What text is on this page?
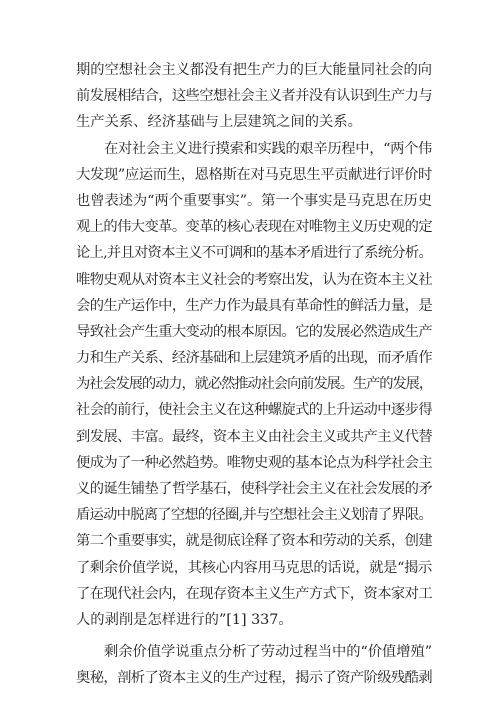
期的空想社会主义都没有把生产力的巨大能量同社会的向
前发展相结合，这些空想社会主义者并没有认识到生产力与
生产关系、经济基础与上层建筑之间的关系。
在对社会主义进行摸索和实践的艰辛历程中，“两个伟
大发现”应运而生，恩格斯在对马克思生平贡献进行评价时
也曾表述为“两个重要事实”。第一个事实是马克思在历史
观上的伟大变革。变革的核心表现在对唯物主义历史观的定
论上,并且对资本主义不可调和的基本矛盾进行了系统分析。
唯物史观从对资本主义社会的考察出发，认为在资本主义社
会的生产运作中，生产力作为最具有革命性的鲜活力量，是
导致社会产生重大变动的根本原因。它的发展必然造成生产
力和生产关系、经济基础和上层建筑矛盾的出现，而矛盾作
为社会发展的动力，就必然推动社会向前发展。生产的发展，
社会的前行，使社会主义在这种螺旋式的上升运动中逐步得
到发展、丰富。最终，资本主义由社会主义或共产主义代替
便成为了一种必然趋势。唯物史观的基本论点为科学社会主
义的诞生铺垫了哲学基石，使科学社会主义在社会发展的矛
盾运动中脱离了空想的径圈,并与空想社会主义划清了界限。
第二个重要事实，就是彻底诠释了资本和劳动的关系，创建
了剩余价值学说，其核心内容用马克思的话说，就是“揭示
了在现代社会内，在现存资本主义生产方式下，资本家对工
人的剥削是怎样进行的”[1] 337。
剩余价值学说重点分析了劳动过程当中的“价值增殖”
奥秘，剖析了资本主义的生产过程，揭示了资产阶级残酷剥
